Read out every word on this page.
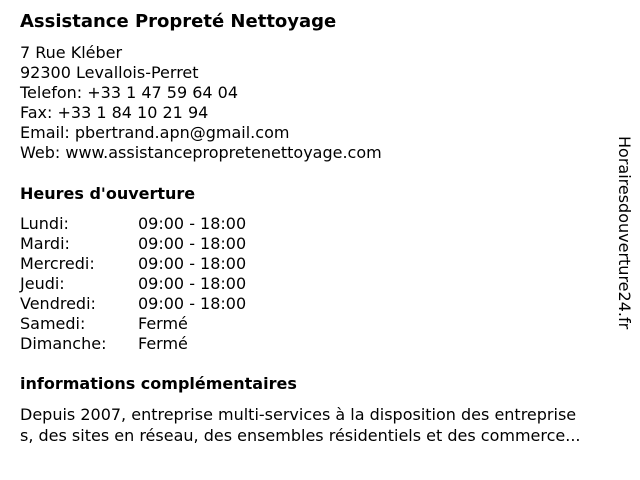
Assistance Propreté Nettoyage
7 Rue Kléber
92300 Levallois-Perret
Telefon: +33 1 47 59 64 04
Fax: +33 1 84 10 21 94
Email: pbertrand.apn@gmail.com
Web: www.assistancepropretenettoyage.com
Heures d'ouverture
Lundi:	09:00 - 18:00
Mardi:	09:00 - 18:00
Mercredi:	09:00 - 18:00
Jeudi:	09:00 - 18:00
Vendredi:	09:00 - 18:00
Samedi:	Fermé
Dimanche: Fermé
informations complémentaires
Depuis 2007, entreprise multi-services à la disposition des entreprise
s, des sites en réseau, des ensembles résidentiels et des commerce...
Horairesdouverture24.fr
